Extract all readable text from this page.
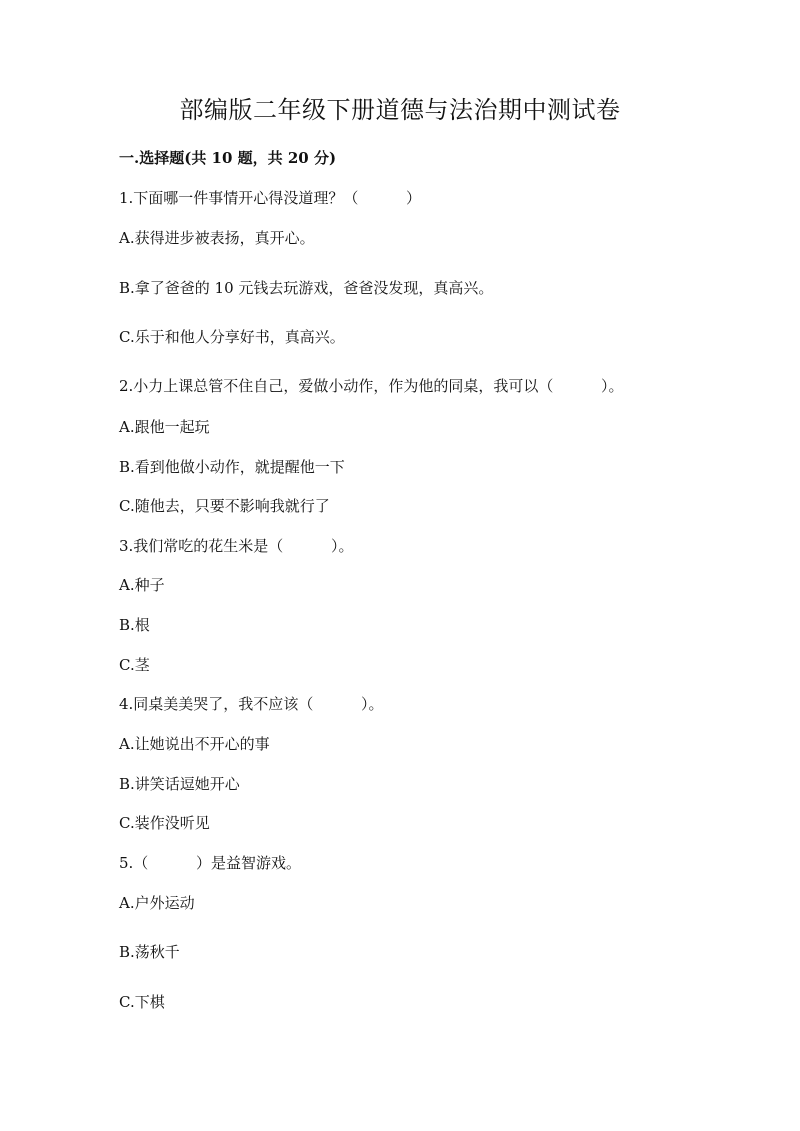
部编版二年级下册道德与法治期中测试卷
一.选择题(共 10 题，共 20 分)
1.下面哪一件事情开心得没道理？（          ）
A.获得进步被表扬，真开心。
B.拿了爸爸的 10 元钱去玩游戏，爸爸没发现，真高兴。
C.乐于和他人分享好书，真高兴。
2.小力上课总管不住自己，爱做小动作，作为他的同桌，我可以（          ）。
A.跟他一起玩
B.看到他做小动作，就提醒他一下
C.随他去，只要不影响我就行了
3.我们常吃的花生米是（          ）。
A.种子
B.根
C.茎
4.同桌美美哭了，我不应该（          ）。
A.让她说出不开心的事
B.讲笑话逗她开心
C.装作没听见
5.（          ）是益智游戏。
A.户外运动
B.荡秋千
C.下棋
